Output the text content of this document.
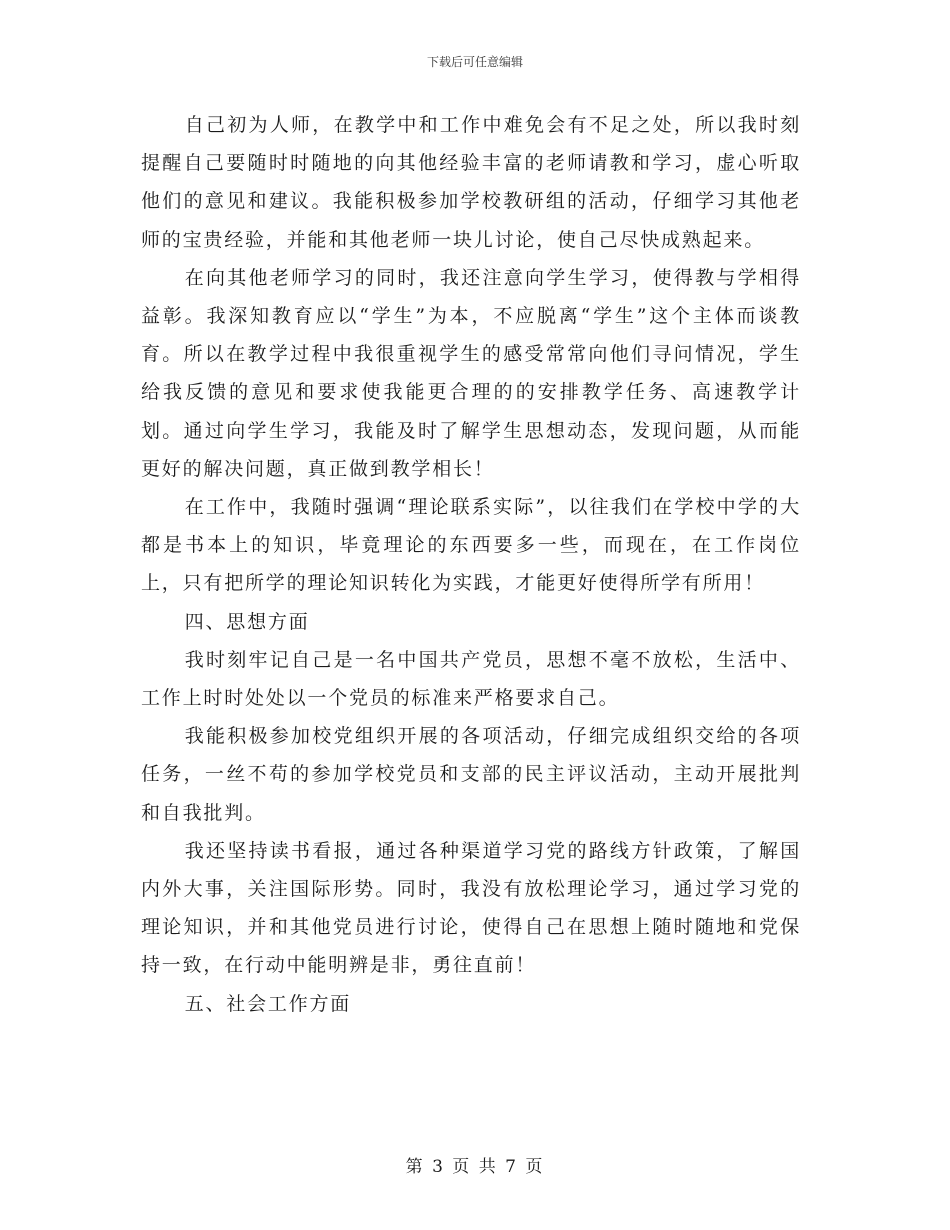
下载后可任意编辑

自己初为人师，在教学中和工作中难免会有不足之处，所以我时刻提醒自己要随时时随地的向其他经验丰富的老师请教和学习，虚心听取他们的意见和建议。我能积极参加学校教研组的活动，仔细学习其他老师的宝贵经验，并能和其他老师一块儿讨论，使自己尽快成熟起来。

在向其他老师学习的同时，我还注意向学生学习，使得教与学相得益彰。我深知教育应以“学生”为本，不应脱离“学生”这个主体而谈教育。所以在教学过程中我很重视学生的感受常常向他们寻问情况，学生给我反馈的意见和要求使我能更合理的的安排教学任务、高速教学计划。通过向学生学习，我能及时了解学生思想动态，发现问题，从而能更好的解决问题，真正做到教学相长！

在工作中，我随时强调“理论联系实际”，以往我们在学校中学的大都是书本上的知识，毕竟理论的东西要多一些，而现在，在工作岗位上，只有把所学的理论知识转化为实践，才能更好使得所学有所用！

四、思想方面

我时刻牢记自己是一名中国共产党员，思想不毫不放松，生活中、工作上时时处处以一个党员的标准来严格要求自己。

我能积极参加校党组织开展的各项活动，仔细完成组织交给的各项任务，一丝不苟的参加学校党员和支部的民主评议活动，主动开展批判和自我批判。

我还坚持读书看报，通过各种渠道学习党的路线方针政策，了解国内外大事，关注国际形势。同时，我没有放松理论学习，通过学习党的理论知识，并和其他党员进行讨论，使得自己在思想上随时随地和党保持一致，在行动中能明辨是非，勇往直前！

五、社会工作方面

第 3 页 共 7 页
